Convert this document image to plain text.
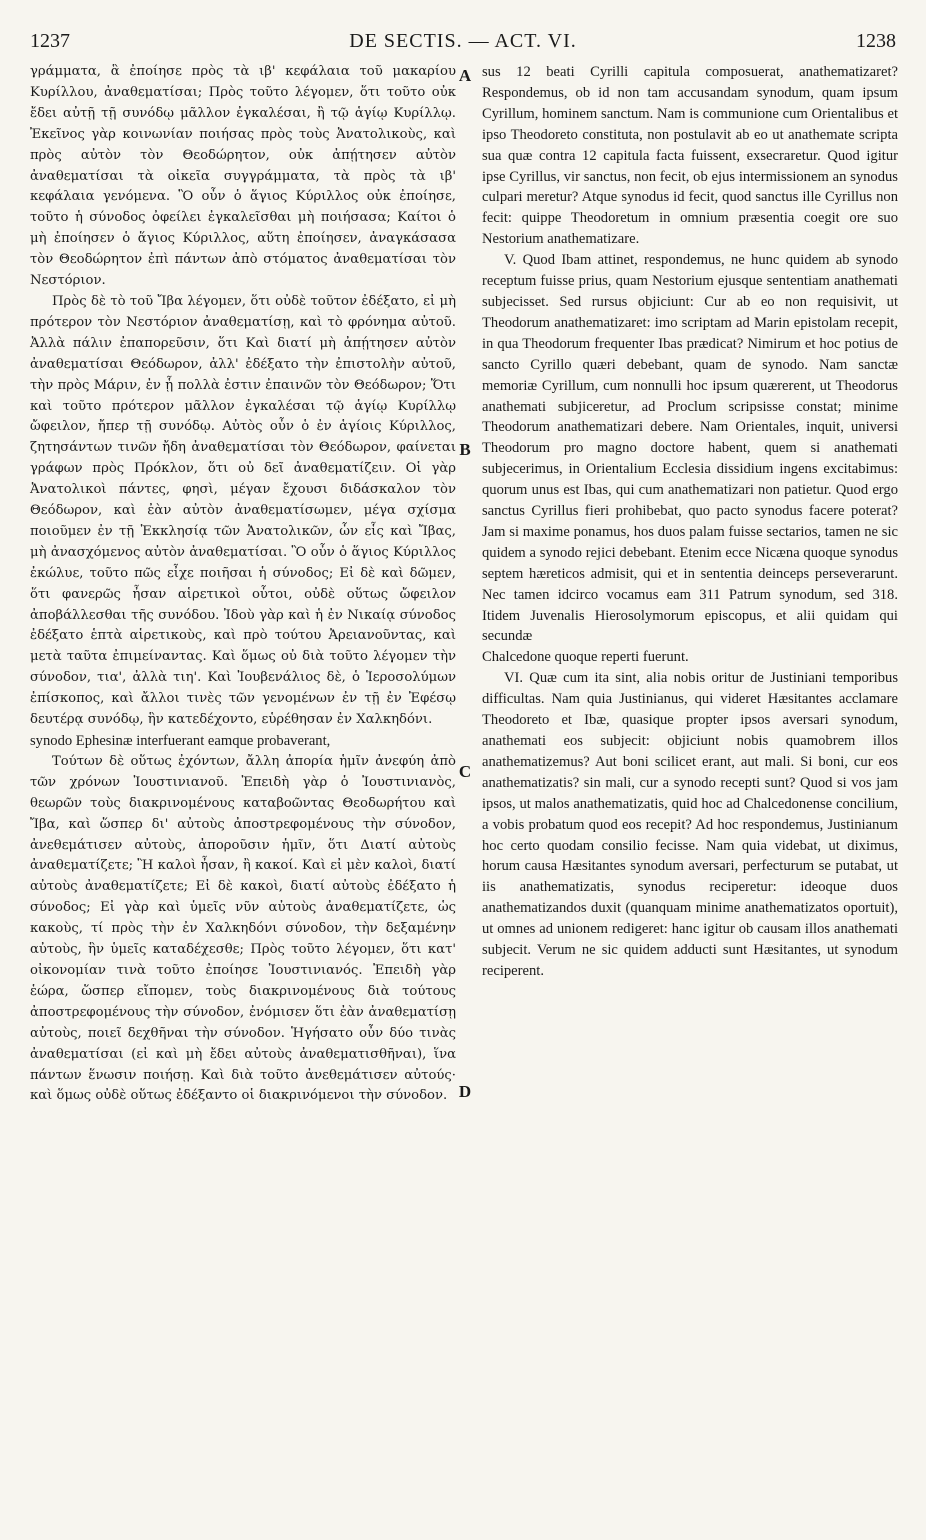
1237	DE SECTIS. — ACT. VI.	1238
A
B
C
D

γράμματα, ἃ ἐποίησε πρὸς τὰ ιβ' κεφάλαια τοῦ μακαρίου Κυρίλλου, ἀναθεματίσαι; Πρὸς τοῦτο λέγομεν, ὅτι τοῦτο οὐκ ἔδει αὐτῇ τῇ συνόδῳ μᾶλλον ἐγκαλέσαι, ἢ τῷ ἁγίῳ Κυρίλλῳ. Ἐκεῖνος γὰρ κοινωνίαν ποιήσας πρὸς τοὺς Ἀνατολικοὺς, καὶ πρὸς αὐτὸν τὸν Θεοδώρητον, οὐκ ἀπῄτησεν αὐτὸν ἀναθεματίσαι τὰ οἰκεῖα συγγράμματα, τὰ πρὸς τὰ ιβ' κεφάλαια γενόμενα. Ὃ οὖν ὁ ἅγιος Κύριλλος οὐκ ἐποίησε, τοῦτο ἡ σύνοδος ὀφείλει ἐγκαλεῖσθαι μὴ ποιήσασα; Καίτοι ὁ μὴ ἐποίησεν ὁ ἅγιος Κύριλλος, αὕτη ἐποίησεν, ἀναγκάσασα τὸν Θεοδώρητον ἐπὶ πάντων ἀπὸ στόματος ἀναθεματίσαι τὸν Νεστόριον.

Πρὸς δὲ τὸ τοῦ Ἴβα λέγομεν, ὅτι οὐδὲ τοῦτον ἐδέξατο, εἰ μὴ πρότερον τὸν Νεστόριον ἀναθεματίσῃ, καὶ τὸ φρόνημα αὐτοῦ. Ἀλλὰ πάλιν ἐπαπορεῦσιν, ὅτι Καὶ διατί μὴ ἀπῄτησεν αὐτὸν ἀναθεματίσαι Θεόδωρον, ἀλλ' ἐδέξατο τὴν ἐπιστολὴν αὐτοῦ, τὴν πρὸς Μάριν, ἐν ᾗ πολλὰ ἐστιν ἐπαινῶν τὸν Θεόδωρον; Ὅτι καὶ τοῦτο πρότερον μᾶλλον ἐγκαλέσαι τῷ ἁγίῳ Κυρίλλῳ ὤφειλον, ἤπερ τῇ συνόδῳ. Αὐτὸς οὖν ὁ ἐν ἁγίοις Κύριλλος, ζητησάντων τινῶν ἤδη ἀναθεματίσαι τὸν Θεόδωρον, φαίνεται γράφων πρὸς Πρόκλον, ὅτι οὐ δεῖ ἀναθεματίζειν. Οἱ γὰρ Ἀνατολικοὶ πάντες, φησὶ, μέγαν ἔχουσι διδάσκαλον τὸν Θεόδωρον, καὶ ἐὰν αὐτὸν ἀναθεματίσωμεν, μέγα σχίσμα ποιοῦμεν ἐν τῇ Ἐκκλησίᾳ τῶν Ἀνατολικῶν, ὧν εἷς καὶ Ἴβας, μὴ ἀνασχόμενος αὐτὸν ἀναθεματίσαι. Ὃ οὖν ὁ ἅγιος Κύριλλος ἐκώλυε, τοῦτο πῶς εἶχε ποιῆσαι ἡ σύνοδος; Εἰ δὲ καὶ δῶμεν, ὅτι φανερῶς ἦσαν αἱρετικοὶ οὗτοι, οὐδὲ οὕτως ὤφειλον ἀποβάλλεσθαι τῆς συνόδου. Ἰδοὺ γὰρ καὶ ἡ ἐν Νικαίᾳ σύνοδος ἐδέξατο ἑπτὰ αἱρετικοὺς, καὶ πρὸ τούτου Ἀρειανοῦντας, καὶ μετὰ ταῦτα ἐπιμείναντας. Καὶ ὅμως οὐ διὰ τοῦτο λέγομεν τὴν σύνοδον, τια', ἀλλὰ τιη'. Καὶ Ἰουβενάλιος δὲ, ὁ Ἱεροσολύμων ἐπίσκοπος, καὶ ἄλλοι τινὲς τῶν γενομένων ἐν τῇ ἐν Ἐφέσῳ δευτέρᾳ συνόδῳ, ἣν κατεδέχοντο, εὑρέθησαν ἐν Χαλκηδόνι.

synodo Ephesinæ interfuerant eamque probaverant,

Τούτων δὲ οὕτως ἐχόντων, ἄλλη ἀπορία ἡμῖν ἀνεφύη ἀπὸ τῶν χρόνων Ἰουστινιανοῦ. Ἐπειδὴ γὰρ ὁ Ἰουστινιανὸς, θεωρῶν τοὺς διακρινομένους καταβοῶντας Θεοδωρήτου καὶ Ἴβα, καὶ ὥσπερ δι' αὐτοὺς ἀποστρεφομένους τὴν σύνοδον, ἀνεθεμάτισεν αὐτοὺς, ἀποροῦσιν ἡμῖν, ὅτι Διατί αὐτοὺς ἀναθεματίζετε; Ἢ καλοὶ ἦσαν, ἢ κακοί. Καὶ εἰ μὲν καλοὶ, διατί αὐτοὺς ἀναθεματίζετε; Εἰ δὲ κακοὶ, διατί αὐτοὺς ἐδέξατο ἡ σύνοδος; Εἰ γὰρ καὶ ὑμεῖς νῦν αὐτοὺς ἀναθεματίζετε, ὡς κακοὺς, τί πρὸς τὴν ἐν Χαλκηδόνι σύνοδον, τὴν δεξαμένην αὐτοὺς, ἣν ὑμεῖς καταδέχεσθε; Πρὸς τοῦτο λέγομεν, ὅτι κατ' οἰκονομίαν τινὰ τοῦτο ἐποίησε Ἰουστινιανός. Ἐπειδὴ γὰρ ἑώρα, ὥσπερ εἴπομεν, τοὺς διακρινομένους διὰ τούτους ἀποστρεφομένους τὴν σύνοδον, ἐνόμισεν ὅτι ἐὰν ἀναθεματίσῃ αὐτοὺς, ποιεῖ δεχθῆναι τὴν σύνοδον. Ἡγήσατο οὖν δύο τινὰς ἀναθεματίσαι (εἰ καὶ μὴ ἔδει αὐτοὺς ἀναθεματισθῆναι), ἵνα πάντων ἕνωσιν ποιήσῃ. Καὶ διὰ τοῦτο ἀνεθεμάτισεν αὐτούς· καὶ ὅμως οὐδὲ οὕτως ἐδέξαντο οἱ διακρινόμενοι τὴν σύνοδον.

sus 12 beati Cyrilli capitula composuerat, anathematizaret? Respondemus, ob id non tam accusandam synodum, quam ipsum Cyrillum, hominem sanctum. Nam is communione cum Orientalibus et ipso Theodoreto constituta, non postulavit ab eo ut anathemate scripta sua quæ contra 12 capitula facta fuissent, exsecraretur. Quod igitur ipse Cyrillus, vir sanctus, non fecit, ob ejus intermissionem an synodus culpari meretur? Atque synodus id fecit, quod sanctus ille Cyrillus non fecit: quippe Theodoretum in omnium præsentia coegit ore suo Nestorium anathematizare.

V. Quod Ibam attinet, respondemus, ne hunc quidem ab synodo receptum fuisse prius, quam Nestorium ejusque sententiam anathemati subjecisset. Sed rursus objiciunt: Cur ab eo non requisivit, ut Theodorum anathematizaret: imo scriptam ad Marin epistolam recepit, in qua Theodorum frequenter Ibas prædicat? Nimirum et hoc potius de sancto Cyrillo quæri debebant, quam de synodo. Nam sanctæ memoriæ Cyrillum, cum nonnulli hoc ipsum quærerent, ut Theodorus anathemati subjiceretur, ad Proclum scripsisse constat; minime Theodorum anathematizari debere. Nam Orientales, inquit, universi Theodorum pro magno doctore habent, quem si anathemati subjecerimus, in Orientalium Ecclesia dissidium ingens excitabimus: quorum unus est Ibas, qui cum anathematizari non patietur. Quod ergo sanctus Cyrillus fieri prohibebat, quo pacto synodus facere poterat? Jam si maxime ponamus, hos duos palam fuisse sectarios, tamen ne sic quidem a synodo rejici debebant. Etenim ecce Nicæna quoque synodus septem hæreticos admisit, qui et in sententia deinceps perseverarunt. Nec tamen idcirco vocamus eam 311 Patrum synodum, sed 318. Itidem Juvenalis Hierosolymorum episcopus, et alii quidam qui secundæ

Chalcedone quoque reperti fuerunt.

VI. Quæ cum ita sint, alia nobis oritur de Justiniani temporibus difficultas. Nam quia Justinianus, qui videret Hæsitantes acclamare Theodoreto et Ibæ, quasique propter ipsos aversari synodum, anathemati eos subjecit: objiciunt nobis quamobrem illos anathematizemus? Aut boni scilicet erant, aut mali. Si boni, cur eos anathematizatis? sin mali, cur a synodo recepti sunt? Quod si vos jam ipsos, ut malos anathematizatis, quid hoc ad Chalcedonense concilium, a vobis probatum quod eos recepit? Ad hoc respondemus, Justinianum hoc certo quodam consilio fecisse. Nam quia videbat, ut diximus, horum causa Hæsitantes synodum aversari, perfecturum se putabat, ut iis anathematizatis, synodus reciperetur: ideoque duos anathematizandos duxit (quanquam minime anathematizatos oportuit), ut omnes ad unionem redigeret: hanc igitur ob causam illos anathemati subjecit. Verum ne sic quidem adducti sunt Hæsitantes, ut synodum reciperent.
